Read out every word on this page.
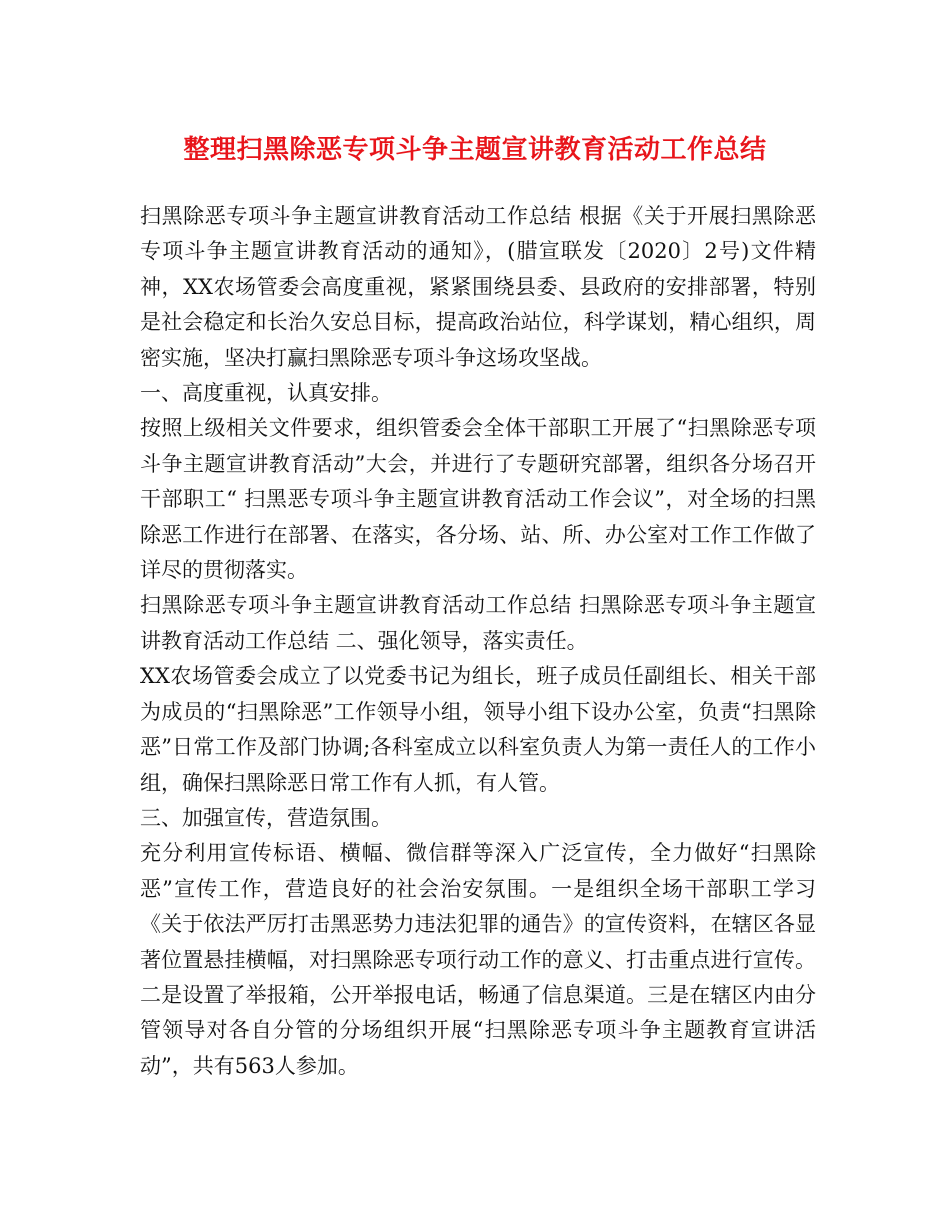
整理扫黑除恶专项斗争主题宣讲教育活动工作总结

扫黑除恶专项斗争主题宣讲教育活动工作总结 根据《关于开展扫黑除恶专项斗争主题宣讲教育活动的通知》，(腊宣联发〔2020〕2号)文件精神，XX农场管委会高度重视，紧紧围绕县委、县政府的安排部署，特别是社会稳定和长治久安总目标，提高政治站位，科学谋划，精心组织，周密实施，坚决打赢扫黑除恶专项斗争这场攻坚战。

一、高度重视，认真安排。

按照上级相关文件要求，组织管委会全体干部职工开展了“扫黑除恶专项斗争主题宣讲教育活动”大会，并进行了专题研究部署，组织各分场召开干部职工“ 扫黑恶专项斗争主题宣讲教育活动工作会议”，对全场的扫黑除恶工作进行在部署、在落实，各分场、站、所、办公室对工作工作做了详尽的贯彻落实。

扫黑除恶专项斗争主题宣讲教育活动工作总结 扫黑除恶专项斗争主题宣讲教育活动工作总结 二、强化领导，落实责任。

XX农场管委会成立了以党委书记为组长，班子成员任副组长、相关干部为成员的“扫黑除恶”工作领导小组，领导小组下设办公室，负责“扫黑除恶”日常工作及部门协调;各科室成立以科室负责人为第一责任人的工作小组，确保扫黑除恶日常工作有人抓，有人管。

三、加强宣传，营造氛围。

充分利用宣传标语、横幅、微信群等深入广泛宣传，全力做好“扫黑除恶”宣传工作，营造良好的社会治安氛围。一是组织全场干部职工学习《关于依法严厉打击黑恶势力违法犯罪的通告》的宣传资料，在辖区各显著位置悬挂横幅，对扫黑除恶专项行动工作的意义、打击重点进行宣传。二是设置了举报箱，公开举报电话，畅通了信息渠道。三是在辖区内由分管领导对各自分管的分场组织开展“扫黑除恶专项斗争主题教育宣讲活动”，共有563人参加。
